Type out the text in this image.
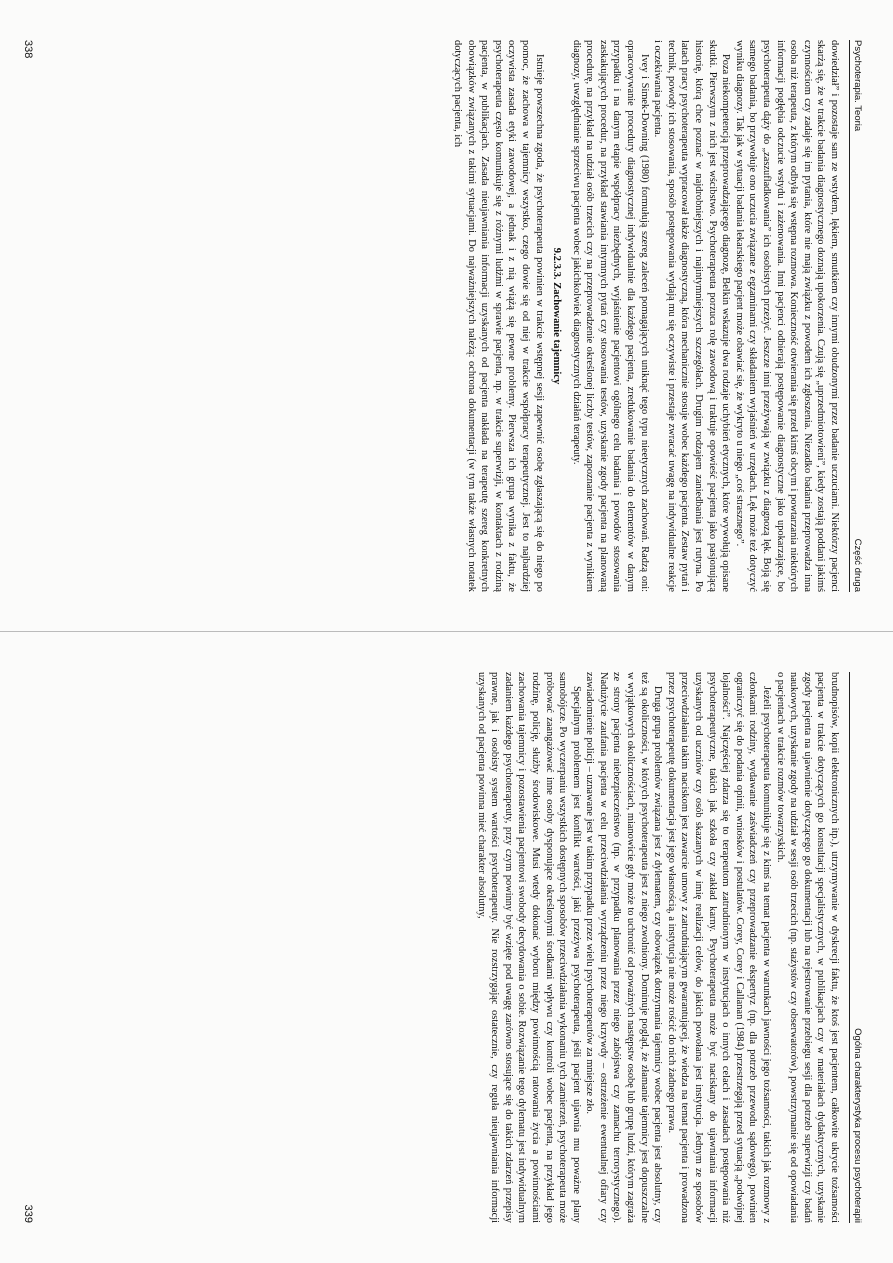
Psychoterapia. Teoria
Część druga

dowiedział” i pozostaje sam ze wstydem, lękiem, smutkiem czy innymi obudzonymi przez badanie uczuciami. Niektórzy pacjenci skarżą się, że w trakcie badania diagnostycznego doznają upokorzenia. Czują się „uprzedmiotowieni”, kiedy zostają poddani jakimś czynnościom czy zadaje się im pytania, które nie mają związku z powodem ich zgłoszenia. Niezadko badania przeprowadza inna osoba niż terapeuta, z którym odbyła się wstępna rozmowa. Konieczność otwierania się przed kimś obcym i powtarzania niektórych informacji pogłębia odczucie wstydu i zażenowania. Inni pacjenci odbierają postępowanie diagnostyczne jako upokarzające, bo psychoterapeuta dąży do „zaszufladkowania” ich osobistych przeżyć. Jeszcze inni przeżywają w związku z diagnozą lęk. Boją się samego badania, bo przywołuje ono uczucia związane z egzaminami czy składaniem wyjaśnień w urzędach. Lęk może też dotyczyć wyniku diagnozy. Tak jak w sytuacji badania lekarskiego pacjent może obawiać się, że wykryto u niego „coś strasznego”.

Poza niekompetencją przeprowadzającego diagnozę, Belkin wskazuje dwa rodzaje uchybień etycznych, które wywołują opisane skutki. Pierwszym z nich jest wścibstwo. Psychoterapeuta porzuca rolę zawodową i traktuje opowieść pacjenta jako pasjonującą historię, którą chce poznać w najdrobniejszych i najintymniejszych szczegółach. Drugim rodzajem zaniedbania jest rutyna. Po latach pracy psychoterapeuta wypracował także diagnostyczną, która mechanicznie stosuje wobec każdego pacjenta. Zestaw pytań i technik, powody ich stosowania, sposób postępowania wydają mu się oczywiste i przestaje zwracać uwagę na indywidualne reakcje i oczekiwania pacjenta.

Ivey i Simek-Downing (1980) formułują szereg zaleceń pomagających uniknąć tego typu nieetycznych zachowań. Radzą oni: opracowywanie procedury diagnostycznej indywidualnie dla każdego pacjenta, zredukowanie badania do elementów w danym przypadku i na danym etapie współpracy niezbędnych, wyjaśnienie pacjentowi ogólnego celu badania i powodów stosowania zaskakujących procedur, na przykład stawiania intymnych pytań czy stosowania testów, uzyskanie zgody pacjenta na planowaną procedurę, na przykład na udział osób trzecich czy na przeprowadzenie określonej liczby testów, zapoznanie pacjenta z wynikiem diagnozy, uwzględnianie sprzeciwu pacjenta wobec jakichkolwiek diagnostycznych działań terapeuty.

9.2.3.3. Zachowanie tajemnicy

Istnieje powszechna zgoda, że psychoterapeuta powinien w trakcie wstępnej sesji zapewnić osobę zgłaszającą się do niego po pomoc, że zachowa w tajemnicy wszystko, czego dowie się od niej w trakcie współpracy terapeutycznej. Jest to najbardziej oczywista zasada etyki zawodowej, a jednak i z nią wiążą się pewne problemy. Pierwsza ich grupa wynika z faktu, że psychoterapeuta często komunikuje się z różnymi ludźmi w sprawie pacjenta, np. w trakcie superwizji, w kontaktach z rodziną pacjenta, w publikacjach. Zasada nieujawniania informacji uzyskanych od pacjenta nakłada na terapeutę szereg konkretnych obowiązków związanych z takimi sytuacjami. Do najważniejszych należą: ochrona dokumentacji (w tym także własnych notatek dotyczących pacjenta, ich

338
Ogólna charakterystyka procesu psychoterapii

brudnopisów, kopii elektronicznych itp.), utrzymywanie w dyskrecji faktu, że ktoś jest pacjentem, całkowite ukrycie tożsamości pacjenta w trakcie dotyczących go konsultacji specjalistycznych, w publikacjach czy w materiałach dydaktycznych, uzyskanie zgody pacjenta na ujawnienie dotyczącego go dokumentacji lub na rejestrowanie przebiegu sesji dla potrzeb superwizji czy badań naukowych, uzyskanie zgody na udział w sesji osób trzecich (np. stażystów czy obserwatorów), powstrzymanie się od opowiadania o pacjentach w trakcie rozmów towarzyskich.

Jeżeli psychoterapeuta komunikuje się z kimś na temat pacjenta w warunkach jawności jego tożsamości, takich jak rozmowy z członkami rodziny, wydawanie zaświadczeń czy przeprowadzanie ekspertyz (np. dla potrzeb przewodu sądowego), powinien ograniczyć się do podania opinii, wniosków i postulatów. Corey, Corey i Callanan (1984) przestrzegają przed sytuacją „podwójnej lojalności”. Najczęściej zdarza się to terapeutom zatrudnionym w instytucjach o innych celach i zasadach postępowania niż psychoterapeutyczne, takich jak szkoła czy zakład karny. Psychoterapeuta może być naciskany do ujawniania informacji uzyskanych od uczniów czy osób skazanych w imię realizacji celów, do jakich powołana jest instytucja. Jednym ze sposobów przeciwdziałania takim naciskom jest zawarcie umowy z zatrudniającym gwarantującej, że wiedza na temat pacjenta i prowadzona przez psychoterapeutę dokumentacja jest jego własnością, a instytucja nie może rościć do nich żadnego prawa.

Druga grupa problemów związana jest z dylematem, czy obowiązek dotrzymania tajemnicy wobec pacjenta jest absolutny, czy też są okoliczności, w których psychoterapeuta jest z niego zwolniony. Dominuje pogląd, że złamanie tajemnicy jest dopuszczalne w wyjątkowych okolicznościach, mianowicie gdy może to uchronić od poważnych następstw osobę lub grupę ludzi, którym zagraża ze strony pacjenta niebezpieczeństwo (np. w przypadku planowania przez niego zabójstwa czy zamachu terrorystycznego). Nadużycie zaufania pacjenta w celu przeciwdziałania wyrządzeniu przez niego krzywdy – ostrzeżenie ewentualnej ofiary czy zawiadomienie policji – uznawane jest w takim przypadku przez wielu psychoterapeutów za mniejsze zło.

Specjalnym problemem jest konflikt wartości, jaki przeżywa psychoterapeuta, jeśli pacjent ujawnia mu poważne plany samobójcze. Po wyczerpaniu wszystkich dostępnych sposobów przeciwdziałania wykonaniu tych zamierzeń, psychoterapeuta może próbować zaangażować inne osoby dysponujące określonymi środkami wpływu czy kontroli wobec pacjenta, na przykład jego rodzinę, policję, służby środowiskowe. Musi wtedy dokonać wyboru między powinnością ratowania życia a powinnościami zachowania tajemnicy i pozostawienia pacjentowi swobody decydowania o sobie. Rozwiązanie tego dylematu jest indywidualnym zadaniem każdego psychoterapeuty, przy czym powinny być wzięte pod uwagę zarówno stosujące się do takich zdarzeń przepisy prawne, jak i osobisty system wartości psychoterapeuty. Nie rozstrzygając ostatecznie, czy reguła nieujawniania informacji uzyskanych od pacjenta powinna mieć charakter absolutny,

339
